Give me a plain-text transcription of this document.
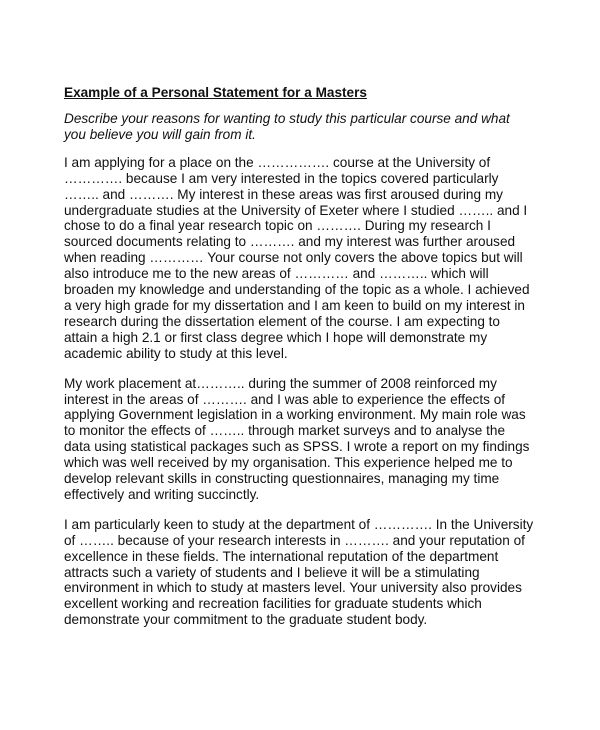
Example of a Personal Statement for a Masters
Describe your reasons for wanting to study this particular course and what
you believe you will gain from it.
I am applying for a place on the ……………. course at the University of
…………. because I am very interested in the topics covered particularly
…….. and ………. My interest in these areas was first aroused during my
undergraduate studies at the University of Exeter where I studied …….. and I
chose to do a final year research topic on ………. During my research I
sourced documents relating to ………. and my interest was further aroused
when reading ………… Your course not only covers the above topics but will
also introduce me to the new areas of ………… and ……….. which will
broaden my knowledge and understanding of the topic as a whole. I achieved
a very high grade for my dissertation and I am keen to build on my interest in
research during the dissertation element of the course. I am expecting to
attain a high 2.1 or first class degree which I hope will demonstrate my
academic ability to study at this level.
My work placement at……….. during the summer of 2008 reinforced my
interest in the areas of ………. and I was able to experience the effects of
applying Government legislation in a working environment. My main role was
to monitor the effects of …….. through market surveys and to analyse the
data using statistical packages such as SPSS. I wrote a report on my findings
which was well received by my organisation. This experience helped me to
develop relevant skills in constructing questionnaires, managing my time
effectively and writing succinctly.
I am particularly keen to study at the department of …………. In the University
of …….. because of your research interests in ………. and your reputation of
excellence in these fields. The international reputation of the department
attracts such a variety of students and I believe it will be a stimulating
environment in which to study at masters level. Your university also provides
excellent working and recreation facilities for graduate students which
demonstrate your commitment to the graduate student body.
